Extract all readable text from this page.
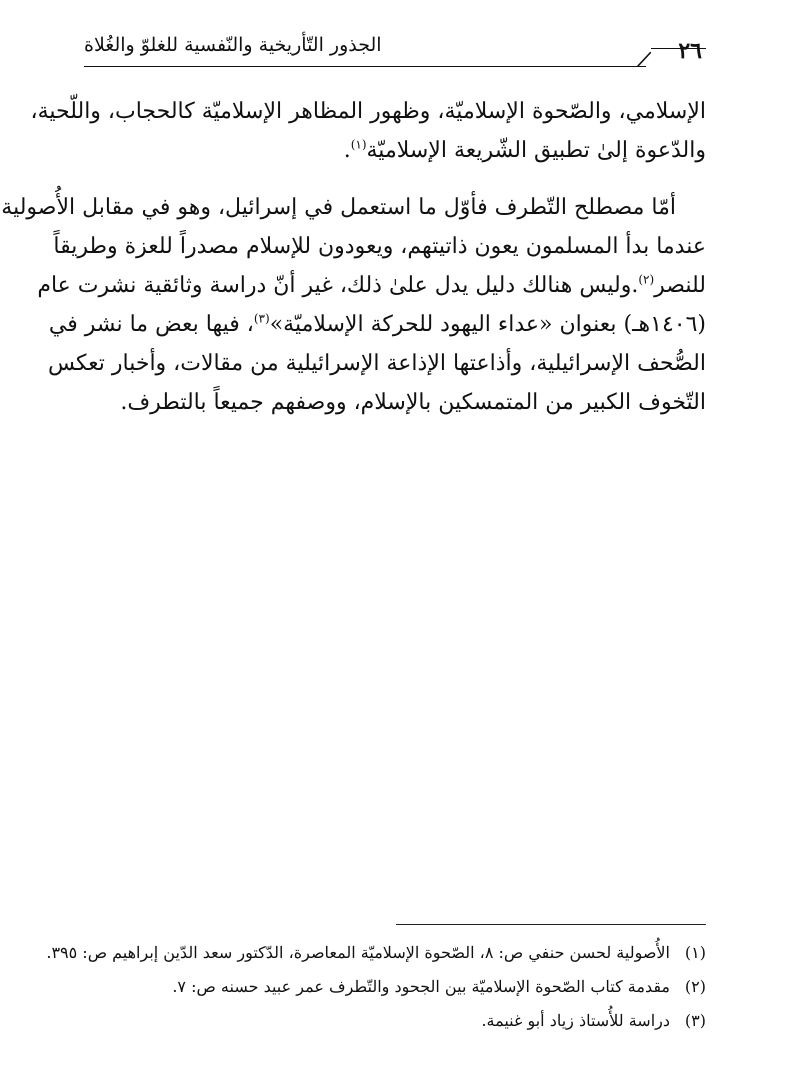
الجذور التّأريخية والنّفسية للغلوّ والغُلاة	٢٦
الإسلامي، والصّحوة الإسلاميّة، وظهور المظاهر الإسلاميّة كالحجاب، واللّحية،
والدّعوة إلىٰ تطبيق الشّريعة الإسلاميّة$^{(١)}$.
أمّا مصطلح التّطرف فأوّل ما استعمل في إسرائيل، وهو في مقابل الأُصولية
عندما بدأ المسلمون يعون ذاتيتهم، ويعودون للإسلام مصدراً للعزة وطريقاً
للنصر$^{(٢)}$.وليس هنالك دليل يدل علىٰ ذلك، غير أنّ دراسة وثائقية نشرت عام
(١٤٠٦هـ) بعنوان «عداء اليهود للحركة الإسلاميّة»$^{(٣)}$، فيها بعض ما نشر في
الصُّحف الإسرائيلية، وأذاعتها الإذاعة الإسرائيلية من مقالات، وأخبار تعكس
التّخوف الكبير من المتمسكين بالإسلام، ووصفهم جميعاً بالتطرف.
(١)الأُصولية لحسن حنفي ص: ٨، الصّحوة الإسلاميّة المعاصرة، الدّكتور سعد الدّين إبراهيم ص: ٣٩٥.
(٢)مقدمة كتاب الصّحوة الإسلاميّة بين الجحود والتّطرف عمر عبيد حسنه ص: ٧.
(٣)دراسة للأُستاذ زياد أبو غنيمة.
